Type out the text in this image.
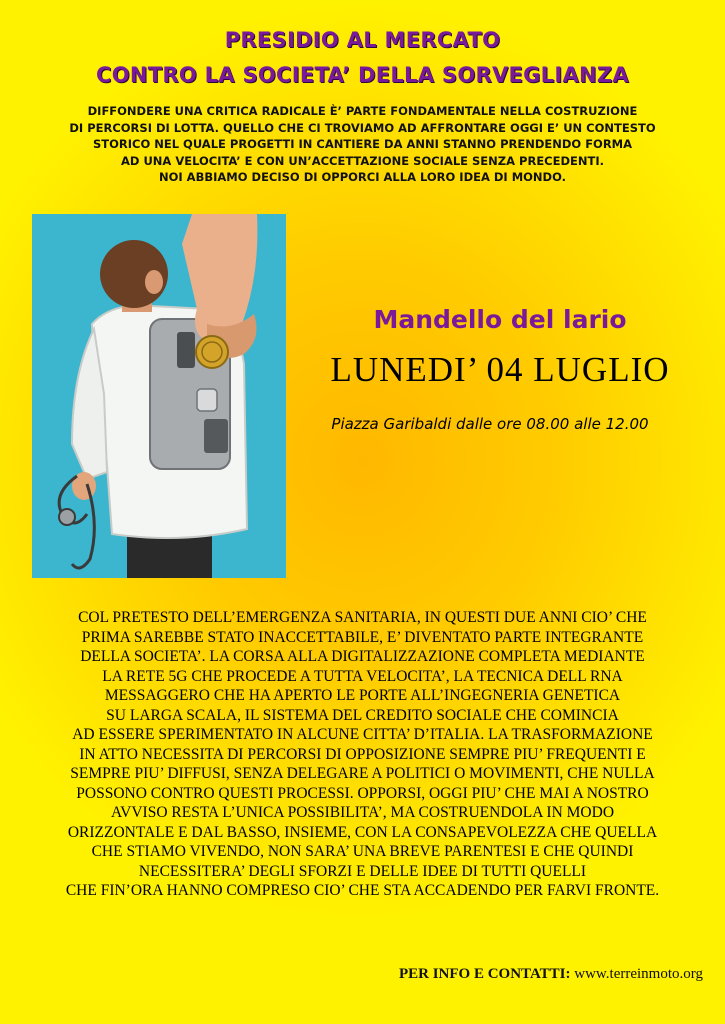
PRESIDIO AL MERCATO
CONTRO LA SOCIETA’ DELLA SORVEGLIANZA
DIFFONDERE UNA CRITICA RADICALE È’ PARTE FONDAMENTALE NELLA COSTRUZIONE
DI PERCORSI DI LOTTA. QUELLO CHE CI TROVIAMO AD AFFRONTARE OGGI E’ UN CONTESTO
STORICO NEL QUALE PROGETTI IN CANTIERE DA ANNI STANNO PRENDENDO FORMA
AD UNA VELOCITA’ E CON UN’ACCETTAZIONE SOCIALE SENZA PRECEDENTI.
NOI ABBIAMO DECISO DI OPPORCI ALLA LORO IDEA DI MONDO.
Mandello del lario
LUNEDI’ 04 LUGLIO
Piazza Garibaldi dalle ore 08.00 alle 12.00
COL PRETESTO DELL’EMERGENZA SANITARIA, IN QUESTI DUE ANNI CIO’ CHE
PRIMA SAREBBE STATO INACCETTABILE, E’ DIVENTATO PARTE INTEGRANTE
DELLA SOCIETA’. LA CORSA ALLA DIGITALIZZAZIONE COMPLETA MEDIANTE
LA RETE 5G CHE PROCEDE A TUTTA VELOCITA’, LA TECNICA DELL RNA
MESSAGGERO CHE HA APERTO LE PORTE ALL’INGEGNERIA GENETICA
SU LARGA SCALA, IL SISTEMA DEL CREDITO SOCIALE CHE COMINCIA
AD ESSERE SPERIMENTATO IN ALCUNE CITTA’ D’ITALIA. LA TRASFORMAZIONE
IN ATTO NECESSITA DI PERCORSI DI OPPOSIZIONE SEMPRE PIU’ FREQUENTI E
SEMPRE PIU’ DIFFUSI, SENZA DELEGARE A POLITICI O MOVIMENTI, CHE NULLA
POSSONO CONTRO QUESTI PROCESSI. OPPORSI, OGGI PIU’ CHE MAI A NOSTRO
AVVISO RESTA L’UNICA POSSIBILITA’, MA COSTRUENDOLA IN MODO
ORIZZONTALE E DAL BASSO, INSIEME, CON LA CONSAPEVOLEZZA CHE QUELLA
CHE STIAMO VIVENDO, NON SARA’ UNA BREVE PARENTESI E CHE QUINDI
NECESSITERA’ DEGLI SFORZI E DELLE IDEE DI TUTTI QUELLI
CHE FIN’ORA HANNO COMPRESO CIO’ CHE STA ACCADENDO PER FARVI FRONTE.
PER INFO E CONTATTI: www.terreinmoto.org
